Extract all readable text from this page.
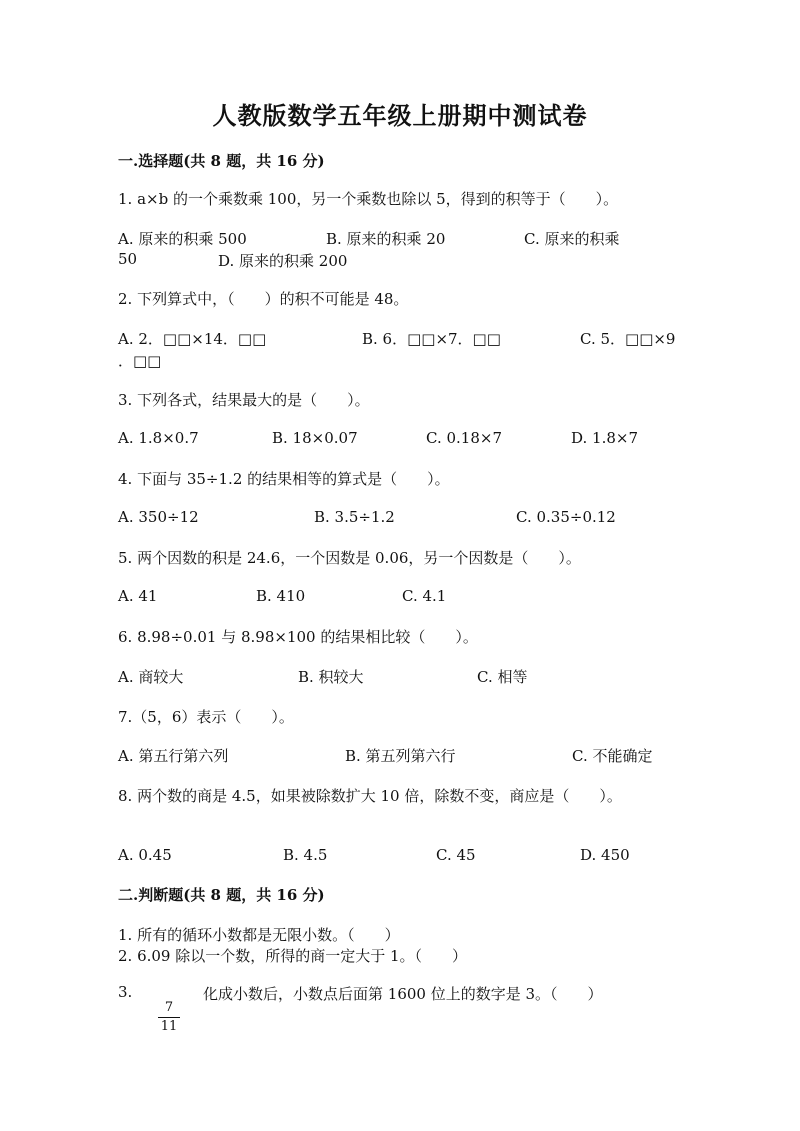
人教版数学五年级上册期中测试卷
一.选择题(共 8 题，共 16 分)
1. a×b 的一个乘数乘 100，另一个乘数也除以 5，得到的积等于（　　）。
A. 原来的积乘 500	B. 原来的积乘 20	C. 原来的积乘
50	D. 原来的积乘 200
2. 下列算式中，（　　）的积不可能是 48。
A. 2．□□×14．□□	B. 6．□□×7．□□	C. 5．□□×9
．□□
3. 下列各式，结果最大的是（　　）。
A. 1.8×0.7	B. 18×0.07	C. 0.18×7	D. 1.8×7
4. 下面与 35÷1.2 的结果相等的算式是（　　）。
A. 350÷12	B. 3.5÷1.2	C. 0.35÷0.12
5. 两个因数的积是 24.6，一个因数是 0.06，另一个因数是（　　）。
A. 41	B. 410	C. 4.1
6. 8.98÷0.01 与 8.98×100 的结果相比较（　　）。
A. 商较大	B. 积较大	C. 相等
7.（5，6）表示（　　）。
A. 第五行第六列	B. 第五列第六行	C. 不能确定
8. 两个数的商是 4.5，如果被除数扩大 10 倍，除数不变，商应是（　　）。
A. 0.45	B. 4.5	C. 45	D. 450
二.判断题(共 8 题，共 16 分)
1. 所有的循环小数都是无限小数。（　　）
2. 6.09 除以一个数，所得的商一定大于 1。（　　）
3.
7
11
化成小数后，小数点后面第 1600 位上的数字是 3。（　　）
